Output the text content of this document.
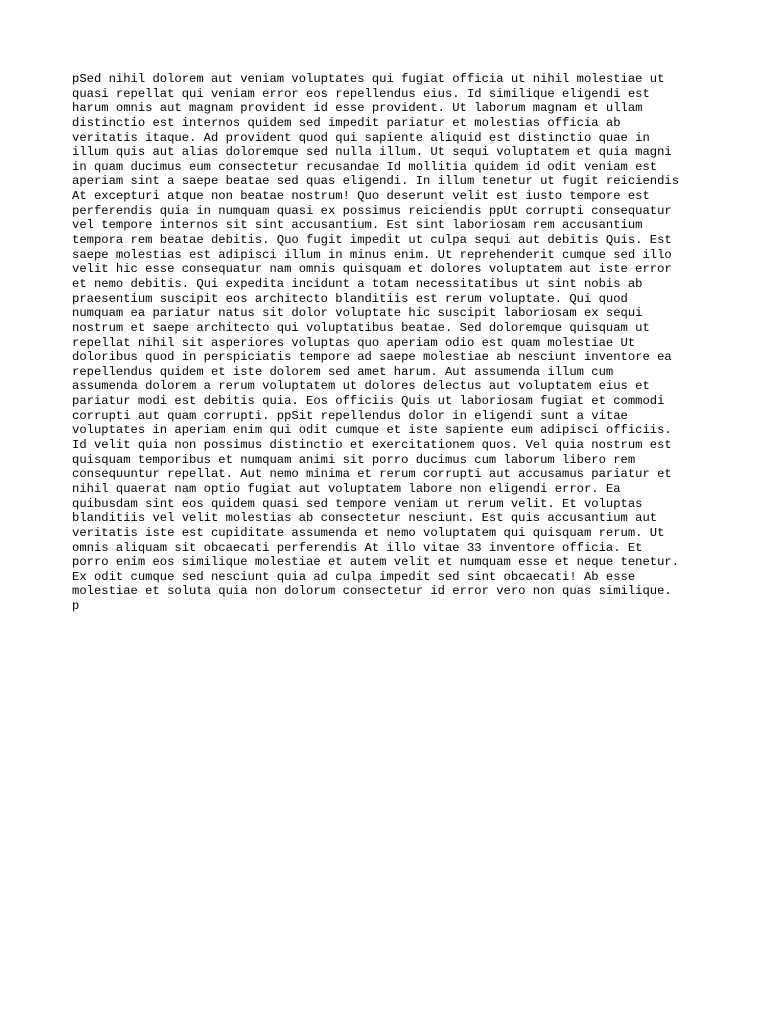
pSed nihil dolorem aut veniam voluptates qui fugiat officia ut nihil molestiae ut
quasi repellat qui veniam error eos repellendus eius. Id similique eligendi est
harum omnis aut magnam provident id esse provident. Ut laborum magnam et ullam
distinctio est internos quidem sed impedit pariatur et molestias officia ab
veritatis itaque. Ad provident quod qui sapiente aliquid est distinctio quae in
illum quis aut alias doloremque sed nulla illum. Ut sequi voluptatem et quia magni
in quam ducimus eum consectetur recusandae Id mollitia quidem id odit veniam est
aperiam sint a saepe beatae sed quas eligendi. In illum tenetur ut fugit reiciendis
At excepturi atque non beatae nostrum! Quo deserunt velit est iusto tempore est
perferendis quia in numquam quasi ex possimus reiciendis ppUt corrupti consequatur
vel tempore internos sit sint accusantium. Est sint laboriosam rem accusantium
tempora rem beatae debitis. Quo fugit impedit ut culpa sequi aut debitis Quis. Est
saepe molestias est adipisci illum in minus enim. Ut reprehenderit cumque sed illo
velit hic esse consequatur nam omnis quisquam et dolores voluptatem aut iste error
et nemo debitis. Qui expedita incidunt a totam necessitatibus ut sint nobis ab
praesentium suscipit eos architecto blanditiis est rerum voluptate. Qui quod
numquam ea pariatur natus sit dolor voluptate hic suscipit laboriosam ex sequi
nostrum et saepe architecto qui voluptatibus beatae. Sed doloremque quisquam ut
repellat nihil sit asperiores voluptas quo aperiam odio est quam molestiae Ut
doloribus quod in perspiciatis tempore ad saepe molestiae ab nesciunt inventore ea
repellendus quidem et iste dolorem sed amet harum. Aut assumenda illum cum
assumenda dolorem a rerum voluptatem ut dolores delectus aut voluptatem eius et
pariatur modi est debitis quia. Eos officiis Quis ut laboriosam fugiat et commodi
corrupti aut quam corrupti. ppSit repellendus dolor in eligendi sunt a vitae
voluptates in aperiam enim qui odit cumque et iste sapiente eum adipisci officiis.
Id velit quia non possimus distinctio et exercitationem quos. Vel quia nostrum est
quisquam temporibus et numquam animi sit porro ducimus cum laborum libero rem
consequuntur repellat. Aut nemo minima et rerum corrupti aut accusamus pariatur et
nihil quaerat nam optio fugiat aut voluptatem labore non eligendi error. Ea
quibusdam sint eos quidem quasi sed tempore veniam ut rerum velit. Et voluptas
blanditiis vel velit molestias ab consectetur nesciunt. Est quis accusantium aut
veritatis iste est cupiditate assumenda et nemo voluptatem qui quisquam rerum. Ut
omnis aliquam sit obcaecati perferendis At illo vitae 33 inventore officia. Et
porro enim eos similique molestiae et autem velit et numquam esse et neque tenetur.
Ex odit cumque sed nesciunt quia ad culpa impedit sed sint obcaecati! Ab esse
molestiae et soluta quia non dolorum consectetur id error vero non quas similique.
p
